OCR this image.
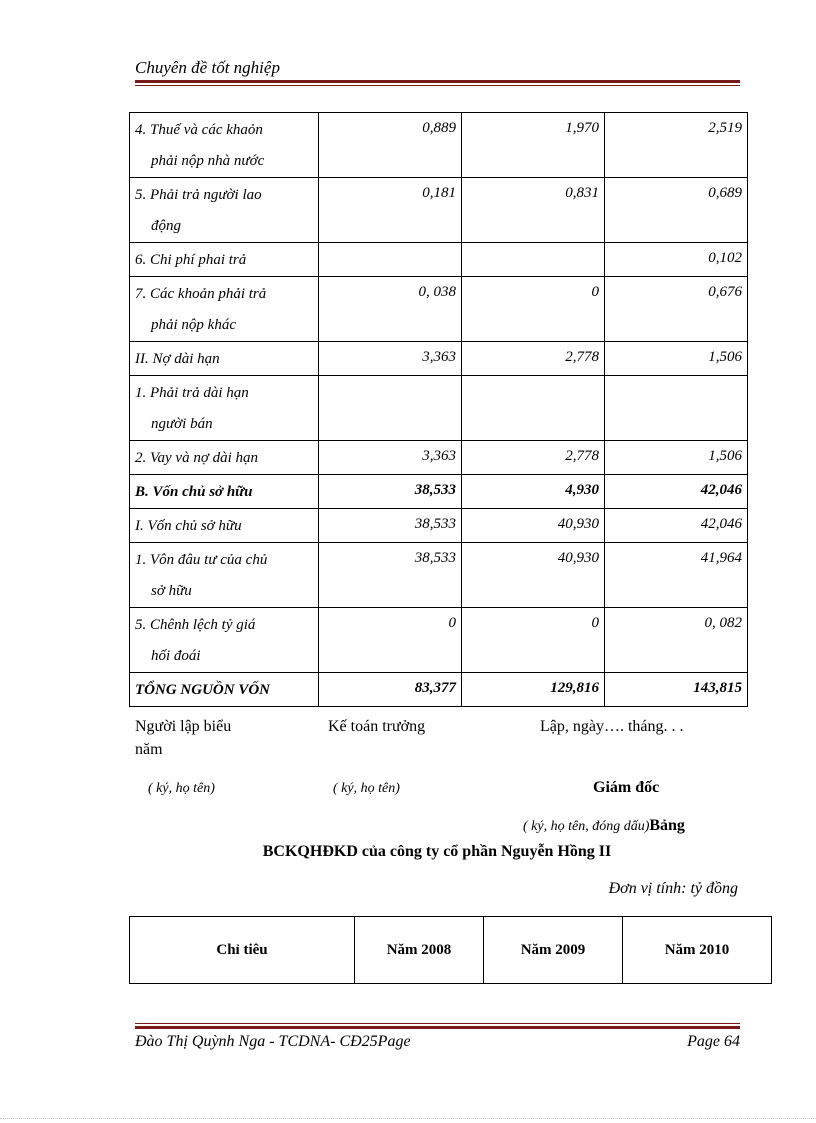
Chuyên đề tốt nghiệp
4. Thuế và các khaỏn
phải nộp nhà nước	0,889	1,970	2,519

5. Phải trả người lao
động	0,181	0,831	0,689

6. Chi phí phai trả			0,102

7. Các khoản phải trả
phải nộp khác	0, 038	0	0,676

II. Nợ dài hạn	3,363	2,778	1,506

1. Phải trả dài hạn
người bán			

2. Vay và nợ dài hạn	3,363	2,778	1,506

B. Vốn chủ sở hữu	38,533	4,930	42,046

I. Vốn chủ sở hữu	38,533	40,930	42,046

1. Vôn đâu tư của chủ
sở hữu	38,533	40,930	41,964

5. Chênh lệch tỷ giá
hối đoái	0	0	0, 082

TỔNG NGUỒN VỐN	83,377	129,816	143,815
Người lập biểu
năm
Kế toán trưởng	Lập, ngày…. tháng. . .
( ký, họ tên)	( ký, họ tên)	Giám đốc
( ký, họ tên, đóng dấu)Bảng
BCKQHĐKD của công ty cổ phần Nguyễn Hồng II
Đơn vị tính: tỷ đồng
Chỉ tiêu	Năm 2008	Năm 2009	Năm 2010
Đào Thị Quỳnh Nga - TCDNA- CĐ25Page	Page 64
